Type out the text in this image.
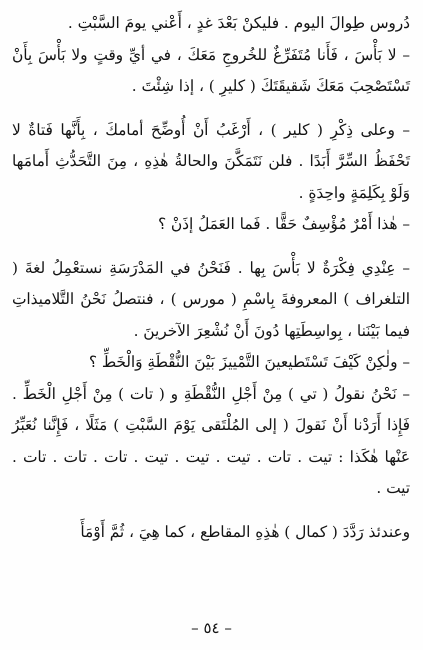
دُروس طِوالَ اليوم . فليكنْ بَعْدَ غدٍ ، أَعْني يومَ السَّبْتِ .

– لا بَأْسَ ، فَأَنا مُتَفَرِّغٌ للخُروجِ مَعَكَ ، في أيِّ وقتٍ ولا بَأْسَ بِأَنْ تَسْتَصْحِبَ مَعَكَ شَقيقَتَكَ ( كليرِ ) ، إذا شِئْتَ .

– وعلى ذِكْرِ ( كلير ) ، أَرْغَبُ أَنْ أُوضِّحَ أمامكَ ، بِأَنَّها فَتاةٌ لا تَحْفَظُ السِّرَّ أَبَدًا . فلن نَتَمَكَّنَ والحالةُ هٰذِهِ ، مِنَ التَّحَدُّثِ أَمامَها وَلَوْ بِكَلِمَةٍ واحِدَةٍ .

– هٰذا أَمْرٌ مُؤْسِفٌ حَقًّا . فَما العَمَلُ إذَنْ ؟

– عِنْدِي فِكْرَةٌ لا بَأْسَ بِها . فَنَحْنُ في المَدْرَسَةِ نستعْمِلُ لغةَ ( التلغراف ) المعروفةَ بِاسْمِ ( مورس ) ، فنتصلُ نَحْنُ التَّلاميذاتِ فيما بَيْنَنا ، بِواسِطَتِها دُونَ أَنْ نُشْعِرَ الآخرينَ .

– ولٰكِنْ كَيْفَ تَسْتَطيعينَ التَّمْييزَ بَيْنَ النُّقْطَةِ وَالْخَطِّ ؟

– نَحْنُ نقولُ ( تي ) مِنْ أَجْلِ النُّقْطَةِ و ( تات ) مِنْ أَجْلِ الْخَطِّ . فَإِذا أَرَدْنا أَنْ نَقولَ ( إلى المُلْتَقى يَوْمَ السَّبْتِ ) مَثَلًا ، فَإِنَّنا نُعَبِّرُ عَنْها هٰكَذا : تيت . تات . تيت . تيت . تيت . تات . تات . تات . تيت .

وعندئذ رَدَّدَ ( كمال ) هٰذِهِ المقاطع ، كما هِيَ ، ثُمَّ أَوْمَأَ

– ٥٤ –
